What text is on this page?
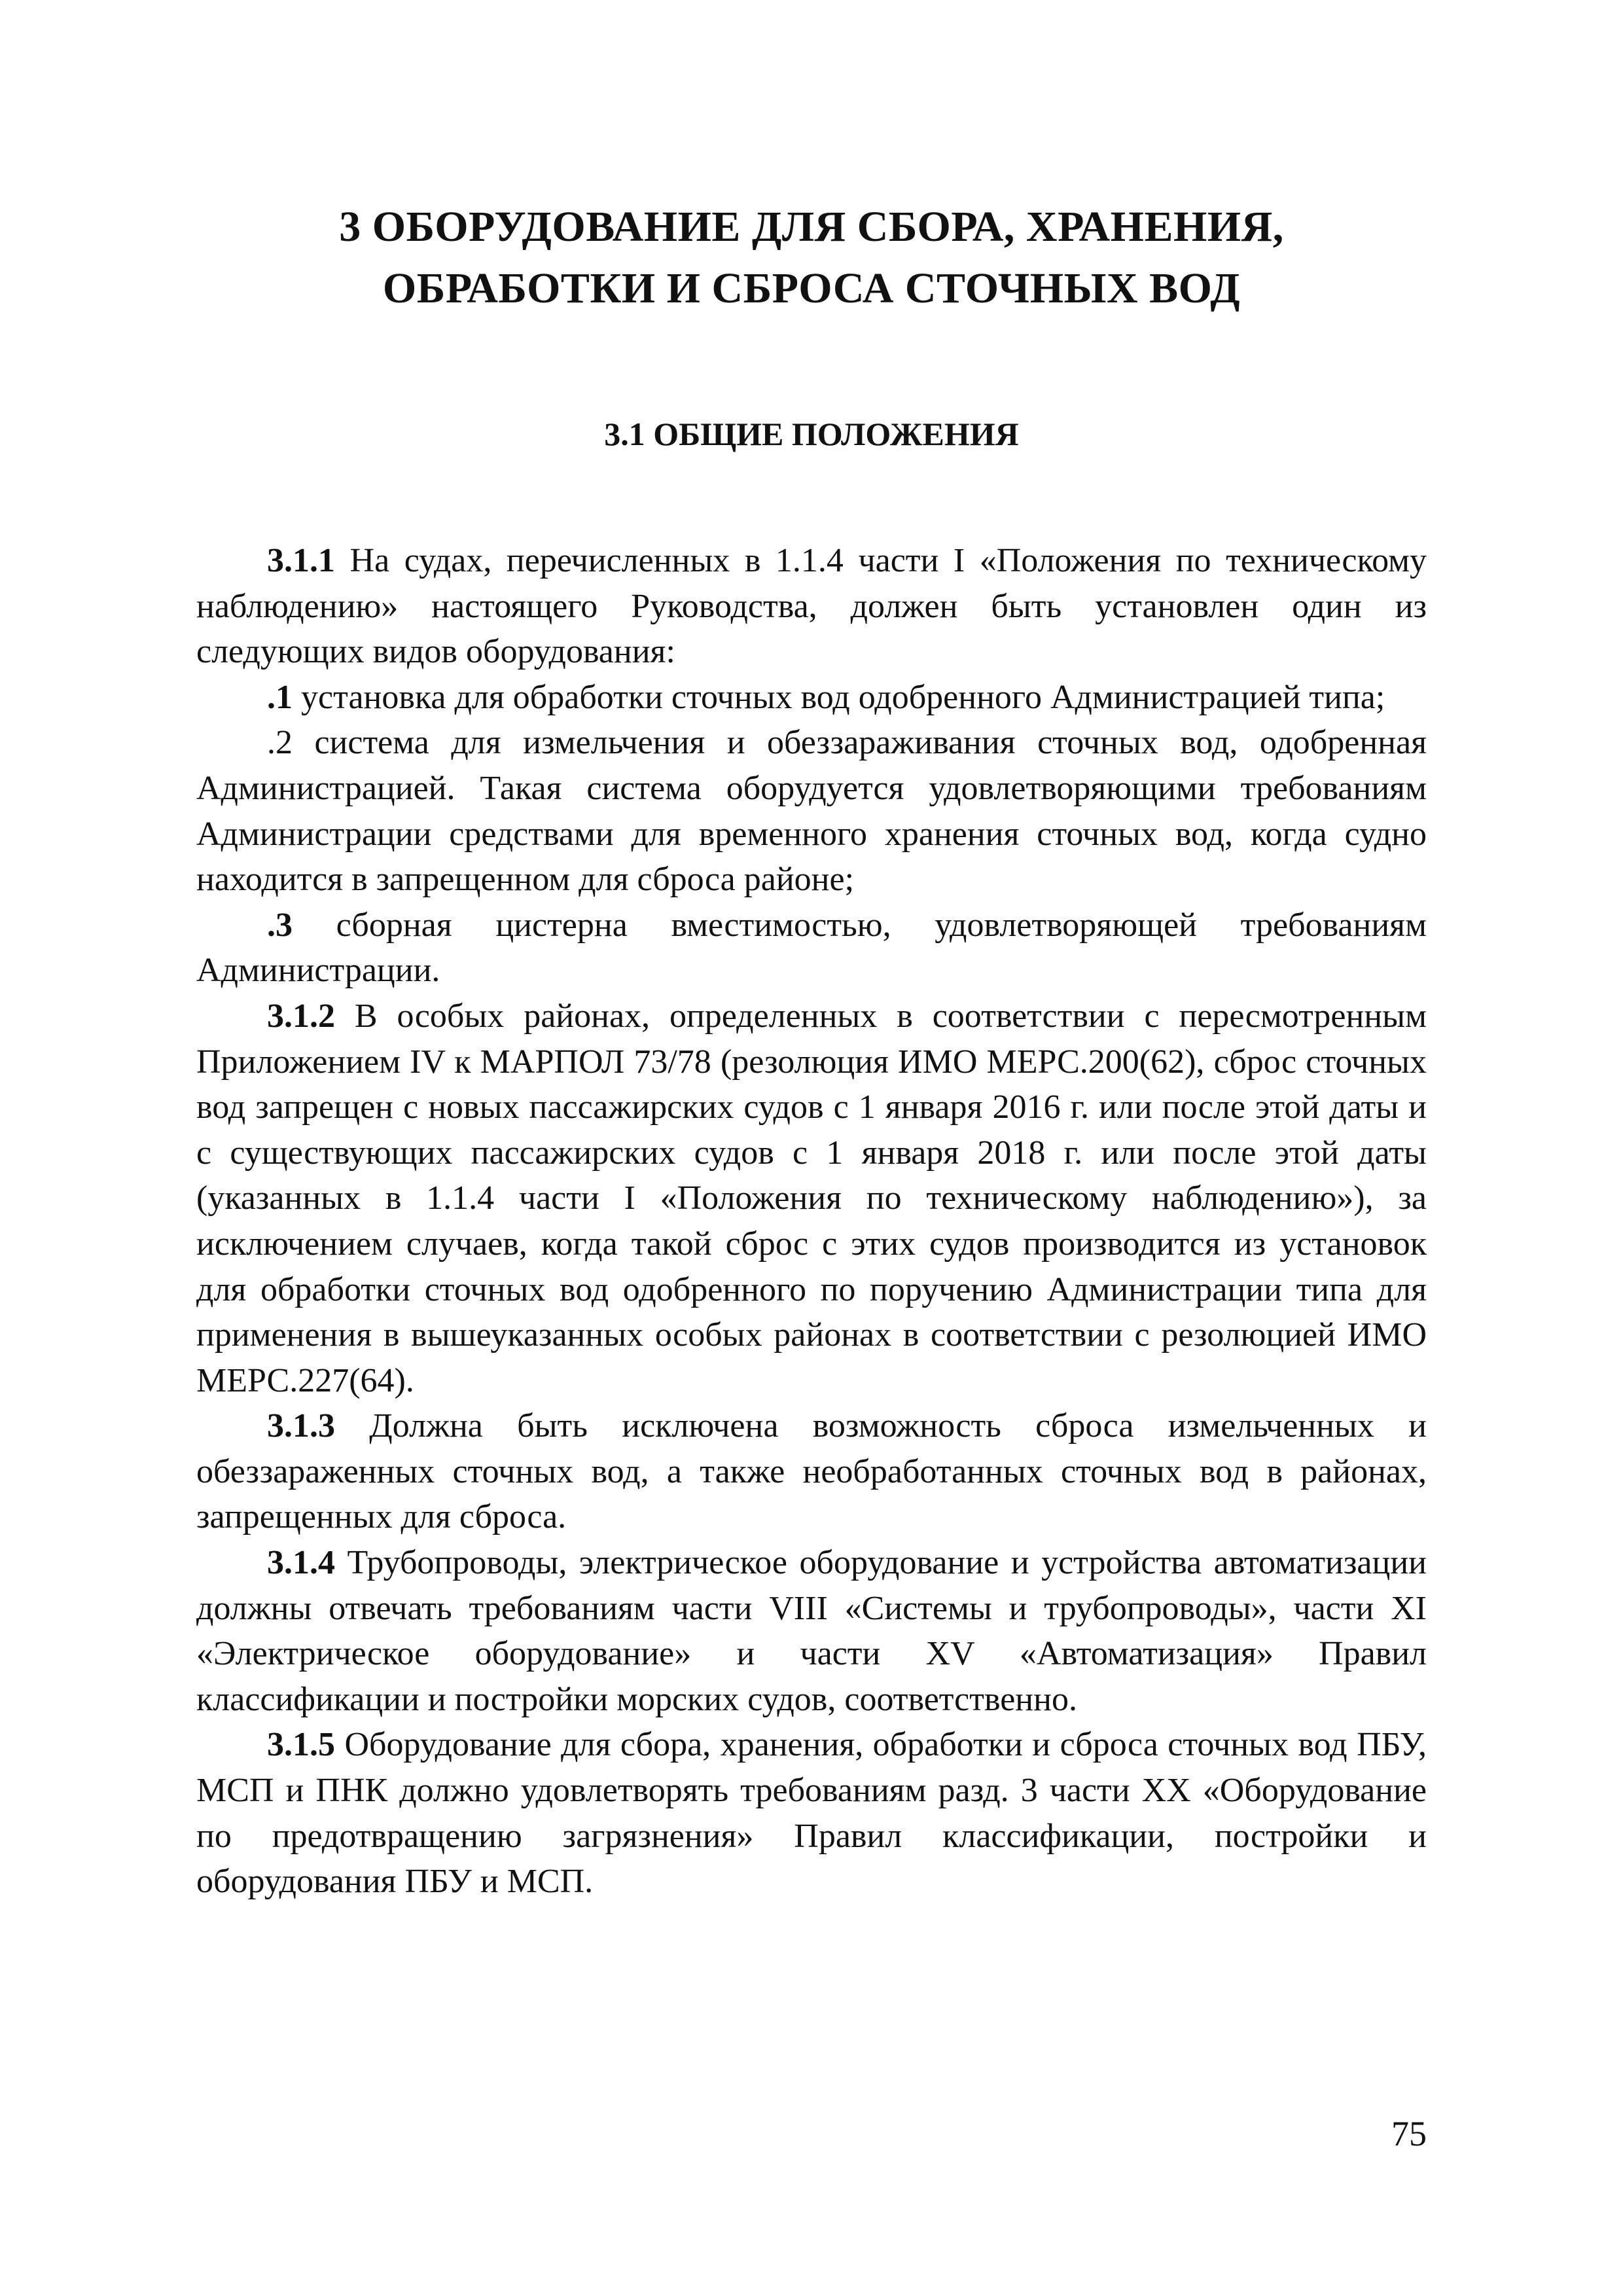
3 ОБОРУДОВАНИЕ ДЛЯ СБОРА, ХРАНЕНИЯ,
ОБРАБОТКИ И СБРОСА СТОЧНЫХ ВОД
3.1 ОБЩИЕ ПОЛОЖЕНИЯ

3.1.1 На судах, перечисленных в 1.1.4 части I «Положения по техническому наблюдению» настоящего Руководства, должен быть установлен один из следующих видов оборудования:

.1 установка для обработки сточных вод одобренного Администрацией типа;

.2 система для измельчения и обеззараживания сточных вод, одобренная Администрацией. Такая система оборудуется удовлетворяющими требованиям Администрации средствами для временного хранения сточных вод, когда судно находится в запрещенном для сброса районе;

.3 сборная цистерна вместимостью, удовлетворяющей требованиям Администрации.

3.1.2 В особых районах, определенных в соответствии с пересмотренным Приложением IV к МАРПОЛ 73/78 (резолюция ИМО МЕРС.200(62), сброс сточных вод запрещен с новых пассажирских судов с 1 января 2016 г. или после этой даты и с существующих пассажирских судов с 1 января 2018 г. или после этой даты (указанных в 1.1.4 части I «Положения по техническому наблюдению»), за исключением случаев, когда такой сброс с этих судов производится из установок для обработки сточных вод одобренного по поручению Администрации типа для применения в вышеуказанных особых районах в соответствии с резолюцией ИМО МЕРС.227(64).

3.1.3 Должна быть исключена возможность сброса измельченных и обеззараженных сточных вод, а также необработанных сточных вод в районах, запрещенных для сброса.

3.1.4 Трубопроводы, электрическое оборудование и устройства автоматизации должны отвечать требованиям части VIII «Системы и трубопроводы», части XI «Электрическое оборудование» и части XV «Автоматизация» Правил классификации и постройки морских судов, соответственно.

3.1.5 Оборудование для сбора, хранения, обработки и сброса сточных вод ПБУ, МСП и ПНК должно удовлетворять требованиям разд. 3 части XX «Оборудование по предотвращению загрязнения» Правил классификации, постройки и оборудования ПБУ и МСП.

75
